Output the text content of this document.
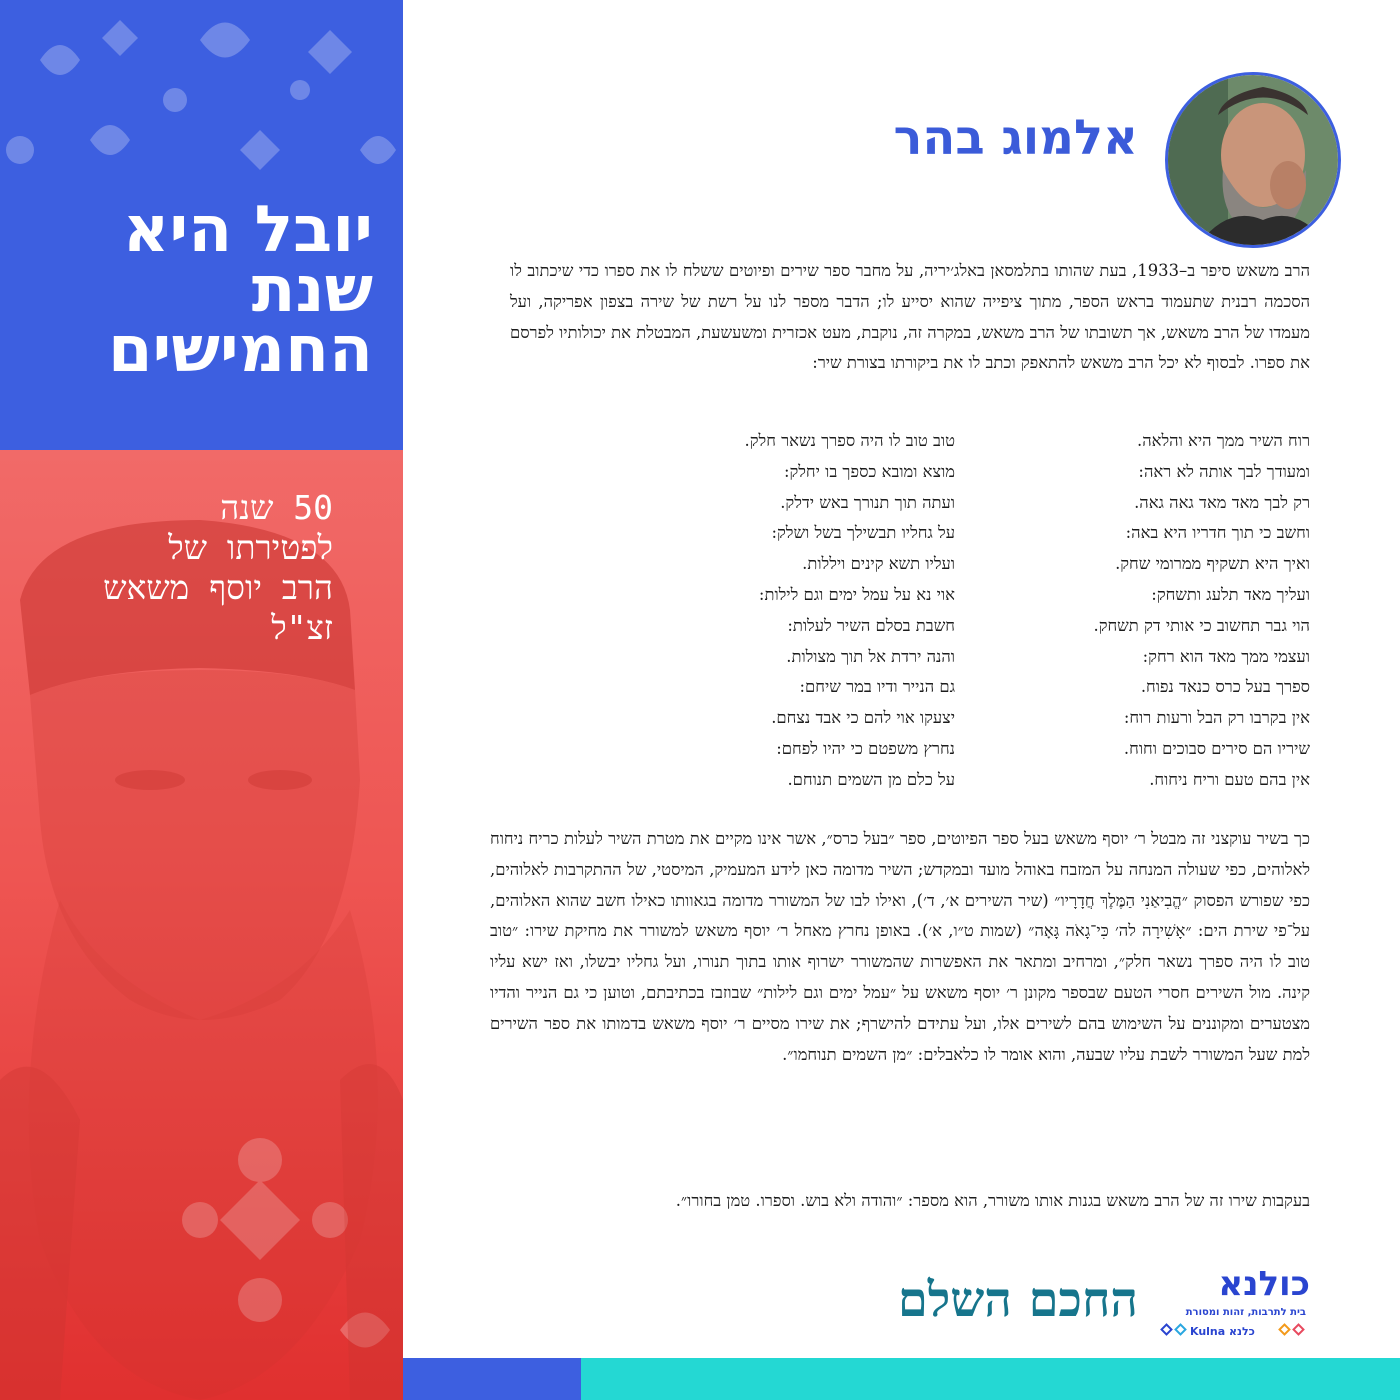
יובל היא
שנת
החמישים
50 שנה
לפטירתו של
הרב יוסף משאש
זצ"ל
אלמוג בהר

הרב משאש סיפר ב–1933, בעת שהותו בתלמסאן באלג׳יריה, על מחבר ספר שירים ופיוטים ששלח לו את ספרו כדי שיכתוב לו הסכמה רבנית שתעמוד בראש הספר, מתוך ציפייה שהוא יסייע לו; הדבר מספר לנו על רשת של שירה בצפון אפריקה, ועל מעמדו של הרב משאש, אך תשובתו של הרב משאש, במקרה זה, נוקבת, מעט אכזרית ומשעשעת, המבטלת את יכולותיו לפרסם את ספרו. לבסוף לא יכל הרב משאש להתאפק וכתב לו את ביקורתו בצורת שיר:

רוח השיר ממך היא והלאה.
ומעודך לבך אותה לא ראה:
רק לבך מאד מאד גאה גאה.
וחשב כי תוך חדריו היא באה:
ואיך היא תשקיף ממרומי שחק.
ועליך מאד תלעג ותשחק:
הוי גבר תחשוב כי אותי דק תשחק.
ועצמי ממך מאד הוא רחק:
ספרך בעל כרס כנאד נפוח.
אין בקרבו רק הבל ורעות רוח:
שיריו הם סירים סבוכים וחוח.
אין בהם טעם וריח ניחוח.
טוב טוב לו היה ספרך נשאר חלק.
מוצא ומובא כספך בו יחלק:
ועתה תוך תנורך באש ידלק.
על גחליו תבשילך בשל ושלק:
ועליו תשא קינים ויללות.
אוי נא על עמל ימים וגם לילות:
חשבת בסלם השיר לעלות:
והנה ירדת אל תוך מצולות.
גם הנייר ודיו במר שיחם:
יצעקו אוי להם כי אבד נצחם.
נחרץ משפטם כי יהיו לפחם:
על כלם מן השמים תנוחם.

כך בשיר עוקצני זה מבטל ר׳ יוסף משאש בעל ספר הפיוטים, ספר ״בעל כרס״, אשר אינו מקיים את מטרת השיר לעלות כריח ניחוח לאלוהים, כפי שעולה המנחה על המזבח באוהל מועד ובמקדש; השיר מדומה כאן לידע המעמיק, המיסטי, של ההתקרבות לאלוהים, כפי שפורש הפסוק ״הֱבִיאַנִי הַמֶּלֶךְ חֲדָרָיו״ (שיר השירים א׳, ד׳), ואילו לבו של המשורר מדומה בגאוותו כאילו חשב שהוא האלוהים, על־פי שירת הים: ״אָשִׁירָה לה׳ כִּי־גָאֹה גָּאָה״ (שמות ט״ו, א׳). באופן נחרץ מאחל ר׳ יוסף משאש למשורר את מחיקת שירו: ״טוב טוב לו היה ספרך נשאר חלק״, ומרחיב ומתאר את האפשרות שהמשורר ישרוף אותו בתוך תנורו, ועל גחליו יבשלו, ואז ישא עליו קינה. מול השירים חסרי הטעם שבספר מקונן ר׳ יוסף משאש על ״עמל ימים וגם לילות״ שבוזבז בכתיבתם, וטוען כי גם הנייר והדיו מצטערים ומקוננים על השימוש בהם לשירים אלו, ועל עתידם להישרף; את שירו מסיים ר׳ יוסף משאש בדמותו את ספר השירים למת שעל המשורר לשבת עליו שבעה, והוא אומר לו כלאבלים: ״מן השמים תנוחמו״.

בעקבות שירו זה של הרב משאש בגנות אותו משורר, הוא מספר: ״והודה ולא בוש. וספרו. טמן בחורו״.

החכם השלם כולנא
בית לתרבות, זהות ומסורת
Kulna כלנא
